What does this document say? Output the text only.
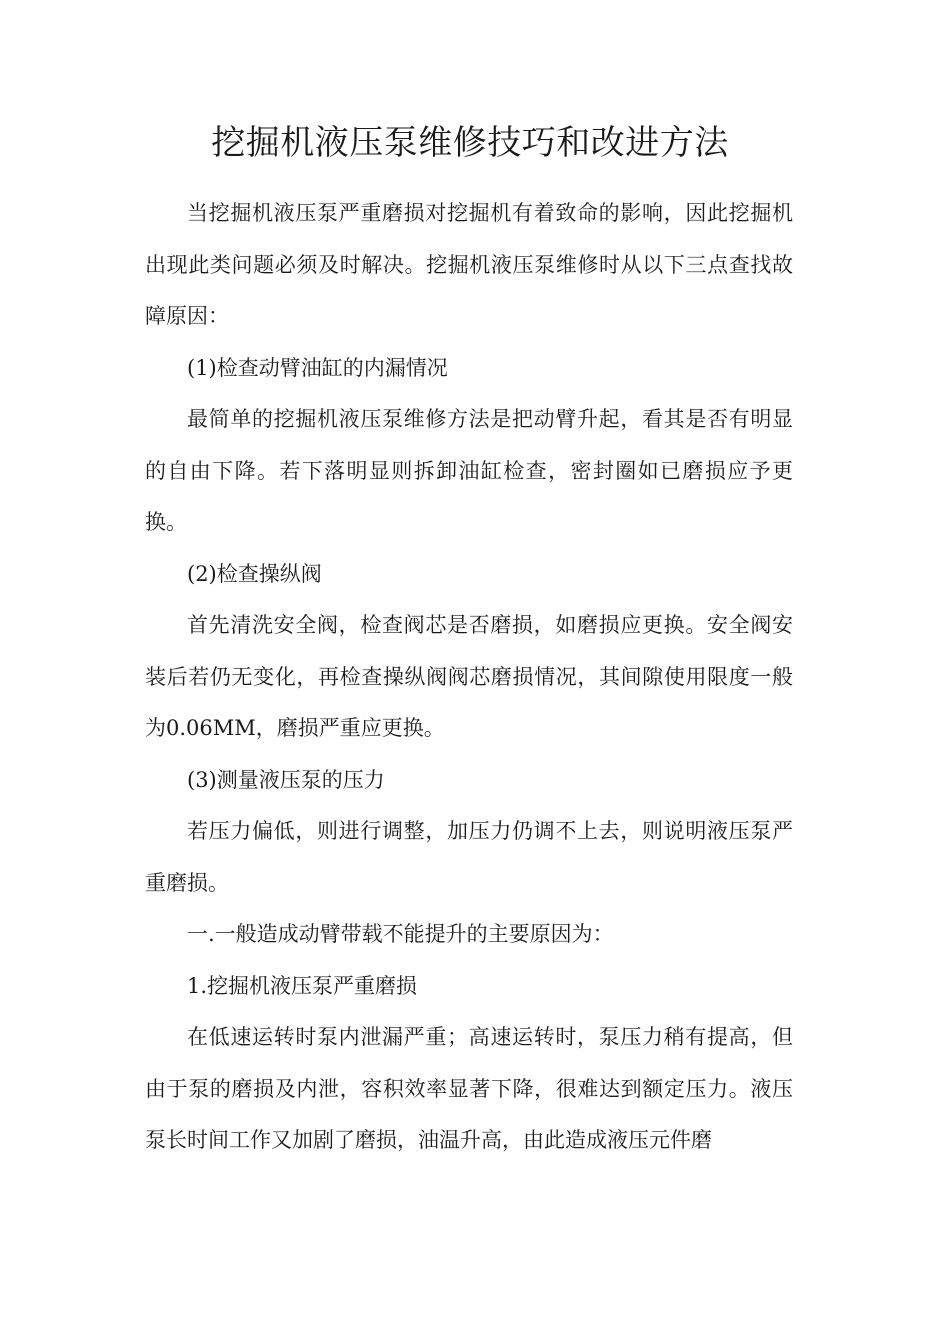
挖掘机液压泵维修技巧和改进方法

当挖掘机液压泵严重磨损对挖掘机有着致命的影响，因此挖掘机出现此类问题必须及时解决。挖掘机液压泵维修时从以下三点查找故障原因：

(1)检查动臂油缸的内漏情况

最简单的挖掘机液压泵维修方法是把动臂升起，看其是否有明显的自由下降。若下落明显则拆卸油缸检查，密封圈如已磨损应予更换。

(2)检查操纵阀

首先清洗安全阀，检查阀芯是否磨损，如磨损应更换。安全阀安装后若仍无变化，再检查操纵阀阀芯磨损情况，其间隙使用限度一般为0.06MM，磨损严重应更换。

(3)测量液压泵的压力

若压力偏低，则进行调整，加压力仍调不上去，则说明液压泵严重磨损。

一.一般造成动臂带载不能提升的主要原因为：

1.挖掘机液压泵严重磨损

在低速运转时泵内泄漏严重；高速运转时，泵压力稍有提高，但由于泵的磨损及内泄，容积效率显著下降，很难达到额定压力。液压泵长时间工作又加剧了磨损，油温升高，由此造成液压元件磨
